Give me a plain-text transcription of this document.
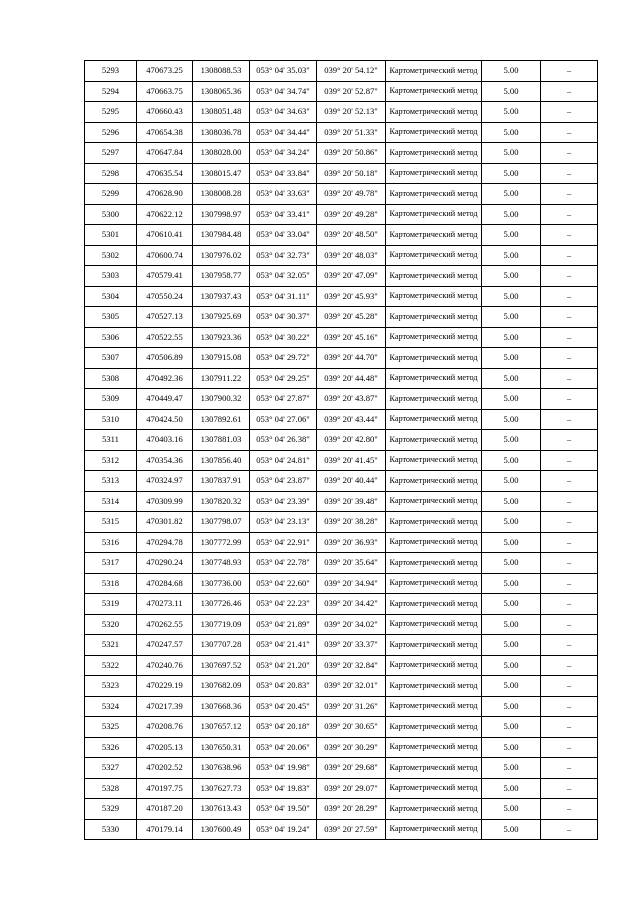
5293	470673.25	1308088.53	053° 04' 35.03"	039° 20' 54.12"	Картометрический метод	5.00	–
5294	470663.75	1308065.36	053° 04' 34.74"	039° 20' 52.87"	Картометрический метод	5.00	–
5295	470660.43	1308051.48	053° 04' 34.63"	039° 20' 52.13"	Картометрический метод	5.00	–
5296	470654.38	1308036.78	053° 04' 34.44"	039° 20' 51.33"	Картометрический метод	5.00	–
5297	470647.84	1308028.00	053° 04' 34.24"	039° 20' 50.86"	Картометрический метод	5.00	–
5298	470635.54	1308015.47	053° 04' 33.84"	039° 20' 50.18"	Картометрический метод	5.00	–
5299	470628.90	1308008.28	053° 04' 33.63"	039° 20' 49.78"	Картометрический метод	5.00	–
5300	470622.12	1307998.97	053° 04' 33.41"	039° 20' 49.28"	Картометрический метод	5.00	–
5301	470610.41	1307984.48	053° 04' 33.04"	039° 20' 48.50"	Картометрический метод	5.00	–
5302	470600.74	1307976.02	053° 04' 32.73"	039° 20' 48.03"	Картометрический метод	5.00	–
5303	470579.41	1307958.77	053° 04' 32.05"	039° 20' 47.09"	Картометрический метод	5.00	–
5304	470550.24	1307937.43	053° 04' 31.11"	039° 20' 45.93"	Картометрический метод	5.00	–
5305	470527.13	1307925.69	053° 04' 30.37"	039° 20' 45.28"	Картометрический метод	5.00	–
5306	470522.55	1307923.36	053° 04' 30.22"	039° 20' 45.16"	Картометрический метод	5.00	–
5307	470506.89	1307915.08	053° 04' 29.72"	039° 20' 44.70"	Картометрический метод	5.00	–
5308	470492.36	1307911.22	053° 04' 29.25"	039° 20' 44.48"	Картометрический метод	5.00	–
5309	470449.47	1307900.32	053° 04' 27.87"	039° 20' 43.87"	Картометрический метод	5.00	–
5310	470424.50	1307892.61	053° 04' 27.06"	039° 20' 43.44"	Картометрический метод	5.00	–
5311	470403.16	1307881.03	053° 04' 26.38"	039° 20' 42.80"	Картометрический метод	5.00	–
5312	470354.36	1307856.40	053° 04' 24.81"	039° 20' 41.45"	Картометрический метод	5.00	–
5313	470324.97	1307837.91	053° 04' 23.87"	039° 20' 40.44"	Картометрический метод	5.00	–
5314	470309.99	1307820.32	053° 04' 23.39"	039° 20' 39.48"	Картометрический метод	5.00	–
5315	470301.82	1307798.07	053° 04' 23.13"	039° 20' 38.28"	Картометрический метод	5.00	–
5316	470294.78	1307772.99	053° 04' 22.91"	039° 20' 36.93"	Картометрический метод	5.00	–
5317	470290.24	1307748.93	053° 04' 22.78"	039° 20' 35.64"	Картометрический метод	5.00	–
5318	470284.68	1307736.00	053° 04' 22.60"	039° 20' 34.94"	Картометрический метод	5.00	–
5319	470273.11	1307726.46	053° 04' 22.23"	039° 20' 34.42"	Картометрический метод	5.00	–
5320	470262.55	1307719.09	053° 04' 21.89"	039° 20' 34.02"	Картометрический метод	5.00	–
5321	470247.57	1307707.28	053° 04' 21.41"	039° 20' 33.37"	Картометрический метод	5.00	–
5322	470240.76	1307697.52	053° 04' 21.20"	039° 20' 32.84"	Картометрический метод	5.00	–
5323	470229.19	1307682.09	053° 04' 20.83"	039° 20' 32.01"	Картометрический метод	5.00	–
5324	470217.39	1307668.36	053° 04' 20.45"	039° 20' 31.26"	Картометрический метод	5.00	–
5325	470208.76	1307657.12	053° 04' 20.18"	039° 20' 30.65"	Картометрический метод	5.00	–
5326	470205.13	1307650.31	053° 04' 20.06"	039° 20' 30.29"	Картометрический метод	5.00	–
5327	470202.52	1307638.96	053° 04' 19.98"	039° 20' 29.68"	Картометрический метод	5.00	–
5328	470197.75	1307627.73	053° 04' 19.83"	039° 20' 29.07"	Картометрический метод	5.00	–
5329	470187.20	1307613.43	053° 04' 19.50"	039° 20' 28.29"	Картометрический метод	5.00	–
5330	470179.14	1307600.49	053° 04' 19.24"	039° 20' 27.59"	Картометрический метод	5.00	–
